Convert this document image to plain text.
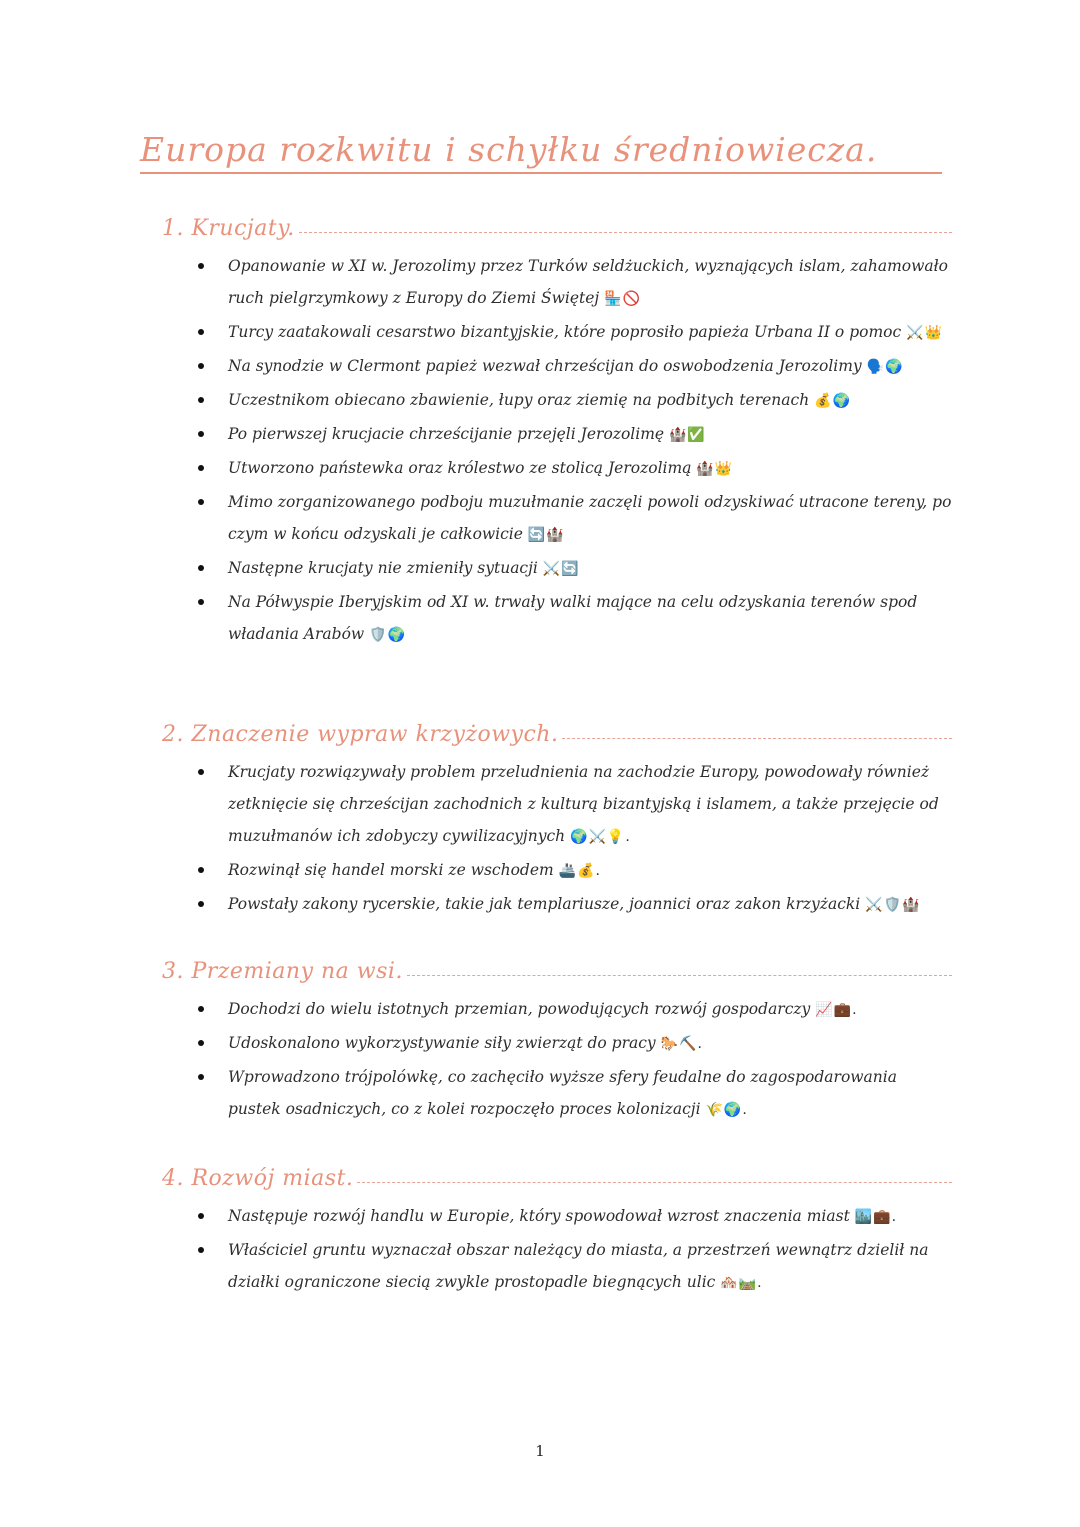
Europa rozkwitu i schyłku średniowiecza.
1. Krucjaty.
Opanowanie w XI w. Jerozolimy przez Turków seldżuckich, wyznających islam, zahamowało ruch pielgrzymkowy z Europy do Ziemi Świętej 🏪🚫
Turcy zaatakowali cesarstwo bizantyjskie, które poprosiło papieża Urbana II o pomoc ⚔️👑
Na synodzie w Clermont papież wezwał chrześcijan do oswobodzenia Jerozolimy 🗣️🌍
Uczestnikom obiecano zbawienie, łupy oraz ziemię na podbitych terenach 💰🌍
Po pierwszej krucjacie chrześcijanie przejęli Jerozolimę 🏰✅
Utworzono państewka oraz królestwo ze stolicą Jerozolimą 🏰👑
Mimo zorganizowanego podboju muzułmanie zaczęli powoli odzyskiwać utracone tereny, po czym w końcu odzyskali je całkowicie 🔄🏰
Następne krucjaty nie zmieniły sytuacji ⚔️🔄
Na Półwyspie Iberyjskim od XI w. trwały walki mające na celu odzyskania terenów spod władania Arabów 🛡️🌍
2. Znaczenie wypraw krzyżowych.
Krucjaty rozwiązywały problem przeludnienia na zachodzie Europy, powodowały również zetknięcie się chrześcijan zachodnich z kulturą bizantyjską i islamem, a także przejęcie od muzułmanów ich zdobyczy cywilizacyjnych 🌍⚔️💡.
Rozwinął się handel morski ze wschodem 🚢💰.
Powstały zakony rycerskie, takie jak templariusze, joannici oraz zakon krzyżacki ⚔️🛡️🏰
3. Przemiany na wsi.
Dochodzi do wielu istotnych przemian, powodujących rozwój gospodarczy 📈💼.
Udoskonalono wykorzystywanie siły zwierząt do pracy 🐎⛏️.
Wprowadzono trójpolówkę, co zachęciło wyższe sfery feudalne do zagospodarowania pustek osadniczych, co z kolei rozpoczęło proces kolonizacji 🌾🌍.
4. Rozwój miast.
Następuje rozwój handlu w Europie, który spowodował wzrost znaczenia miast 🏙️💼.
Właściciel gruntu wyznaczał obszar należący do miasta, a przestrzeń wewnątrz dzielił na działki ograniczone siecią zwykle prostopadle biegnących ulic 🏘️🛤️.
1
